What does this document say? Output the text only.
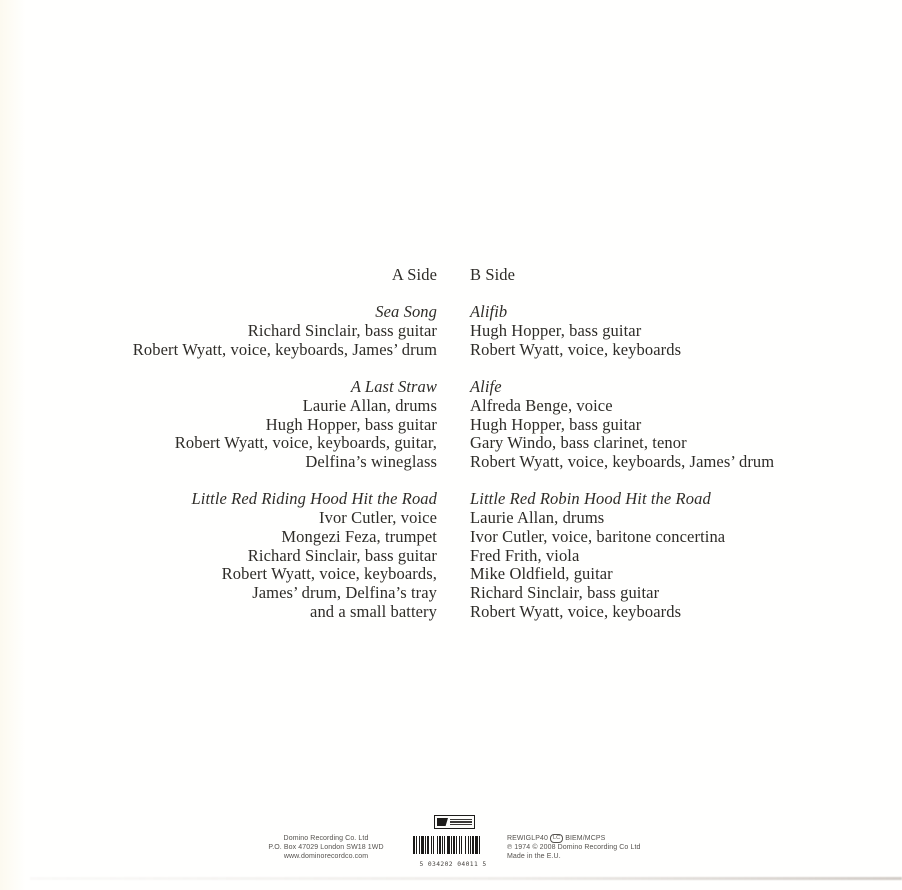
A Side B Side
Sea Song Alifib
Richard Sinclair, bass guitar Hugh Hopper, bass guitar
Robert Wyatt, voice, keyboards, James’ drum Robert Wyatt, voice, keyboards
A Last Straw Alife
Laurie Allan, drums Alfreda Benge, voice
Hugh Hopper, bass guitar Hugh Hopper, bass guitar
Robert Wyatt, voice, keyboards, guitar, Gary Windo, bass clarinet, tenor
Delfina’s wineglass Robert Wyatt, voice, keyboards, James’ drum
Little Red Riding Hood Hit the Road Little Red Robin Hood Hit the Road
Ivor Cutler, voice Laurie Allan, drums
Mongezi Feza, trumpet Ivor Cutler, voice, baritone concertina
Richard Sinclair, bass guitar Fred Frith, viola
Robert Wyatt, voice, keyboards, Mike Oldfield, guitar
James’ drum, Delfina’s tray Richard Sinclair, bass guitar
and a small battery Robert Wyatt, voice, keyboards
Domino Recording Co. Ltd
P.O. Box 47029 London SW18 1WD
www.dominorecordco.com
5 034202 04011 5
REWIGLP40 LC BIEM/MCPS
℗ 1974 © 2008 Domino Recording Co Ltd
Made in the E.U.
